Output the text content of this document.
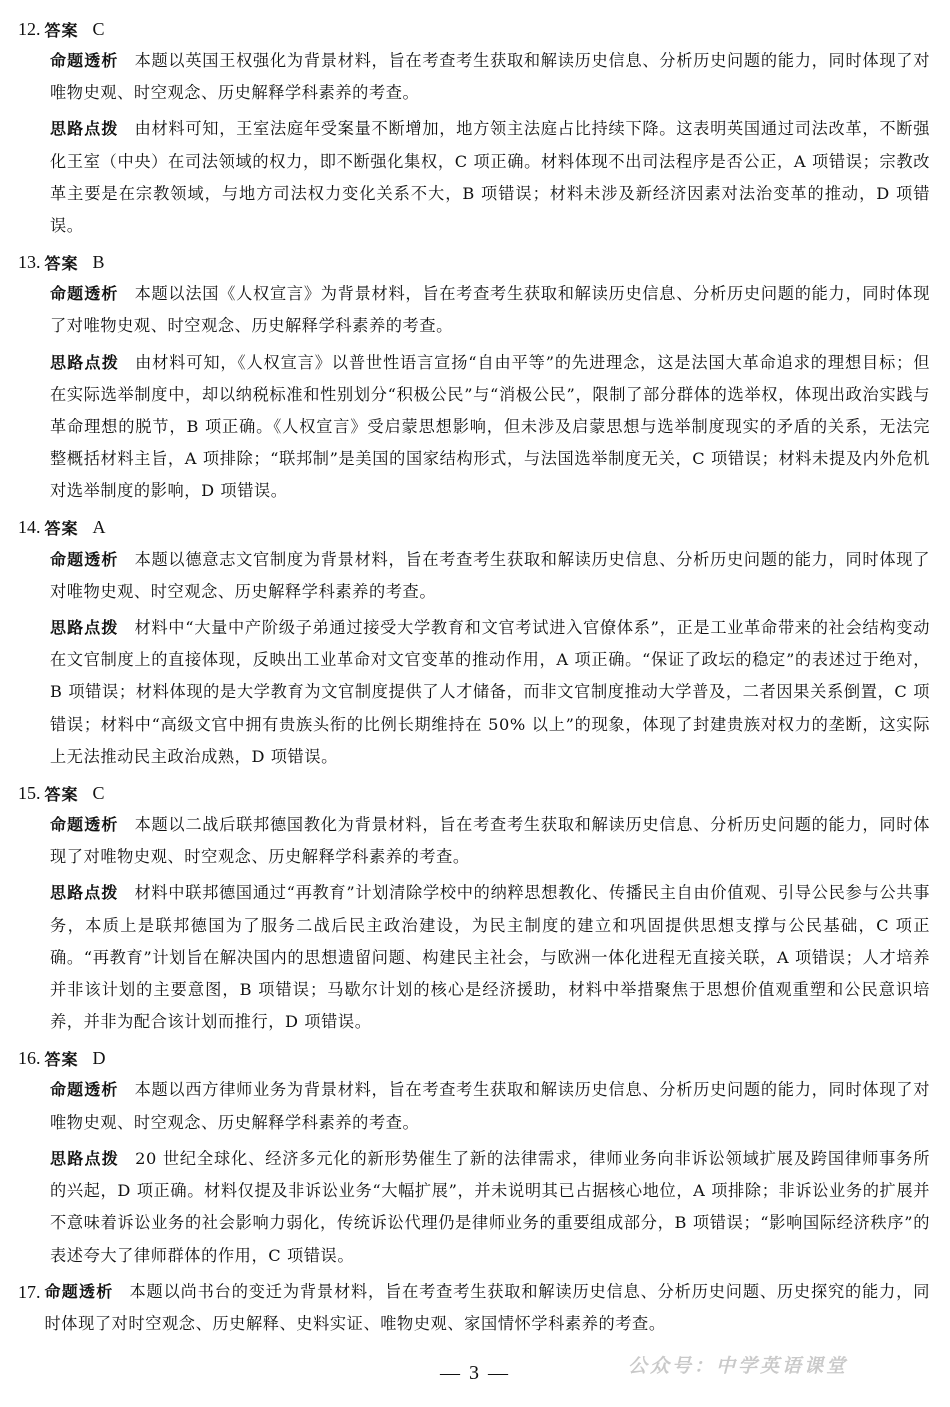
12. 答案 C

命题透析 本题以英国王权强化为背景材料，旨在考查考生获取和解读历史信息、分析历史问题的能力，同时体现了对唯物史观、时空观念、历史解释学科素养的考查。

思路点拨 由材料可知，王室法庭年受案量不断增加，地方领主法庭占比持续下降。这表明英国通过司法改革，不断强化王室（中央）在司法领域的权力，即不断强化集权，C 项正确。材料体现不出司法程序是否公正，A 项错误；宗教改革主要是在宗教领域，与地方司法权力变化关系不大，B 项错误；材料未涉及新经济因素对法治变革的推动，D 项错误。

13. 答案 B

命题透析 本题以法国《人权宣言》为背景材料，旨在考查考生获取和解读历史信息、分析历史问题的能力，同时体现了对唯物史观、时空观念、历史解释学科素养的考查。

思路点拨 由材料可知，《人权宣言》以普世性语言宣扬“自由平等”的先进理念，这是法国大革命追求的理想目标；但在实际选举制度中，却以纳税标准和性别划分“积极公民”与“消极公民”，限制了部分群体的选举权，体现出政治实践与革命理想的脱节，B 项正确。《人权宣言》受启蒙思想影响，但未涉及启蒙思想与选举制度现实的矛盾的关系，无法完整概括材料主旨，A 项排除；“联邦制”是美国的国家结构形式，与法国选举制度无关，C 项错误；材料未提及内外危机对选举制度的影响，D 项错误。

14. 答案 A

命题透析 本题以德意志文官制度为背景材料，旨在考查考生获取和解读历史信息、分析历史问题的能力，同时体现了对唯物史观、时空观念、历史解释学科素养的考查。

思路点拨 材料中“大量中产阶级子弟通过接受大学教育和文官考试进入官僚体系”，正是工业革命带来的社会结构变动在文官制度上的直接体现，反映出工业革命对文官变革的推动作用，A 项正确。“保证了政坛的稳定”的表述过于绝对，B 项错误；材料体现的是大学教育为文官制度提供了人才储备，而非文官制度推动大学普及，二者因果关系倒置，C 项错误；材料中“高级文官中拥有贵族头衔的比例长期维持在 50% 以上”的现象，体现了封建贵族对权力的垄断，这实际上无法推动民主政治成熟，D 项错误。

15. 答案 C

命题透析 本题以二战后联邦德国教化为背景材料，旨在考查考生获取和解读历史信息、分析历史问题的能力，同时体现了对唯物史观、时空观念、历史解释学科素养的考查。

思路点拨 材料中联邦德国通过“再教育”计划清除学校中的纳粹思想教化、传播民主自由价值观、引导公民参与公共事务，本质上是联邦德国为了服务二战后民主政治建设，为民主制度的建立和巩固提供思想支撑与公民基础，C 项正确。“再教育”计划旨在解决国内的思想遗留问题、构建民主社会，与欧洲一体化进程无直接关联，A 项错误；人才培养并非该计划的主要意图，B 项错误；马歇尔计划的核心是经济援助，材料中举措聚焦于思想价值观重塑和公民意识培养，并非为配合该计划而推行，D 项错误。

16. 答案 D

命题透析 本题以西方律师业务为背景材料，旨在考查考生获取和解读历史信息、分析历史问题的能力，同时体现了对唯物史观、时空观念、历史解释学科素养的考查。

思路点拨 20 世纪全球化、经济多元化的新形势催生了新的法律需求，律师业务向非诉讼领域扩展及跨国律师事务所的兴起，D 项正确。材料仅提及非诉讼业务“大幅扩展”，并未说明其已占据核心地位，A 项排除；非诉讼业务的扩展并不意味着诉讼业务的社会影响力弱化，传统诉讼代理仍是律师业务的重要组成部分，B 项错误；“影响国际经济秩序”的表述夸大了律师群体的作用，C 项错误。

17. 命题透析 本题以尚书台的变迁为背景材料，旨在考查考生获取和解读历史信息、分析历史问题、历史探究的能力，同时体现了对时空观念、历史解释、史料实证、唯物史观、家国情怀学科素养的考查。

— 3 —	公众号：中学英语课堂
